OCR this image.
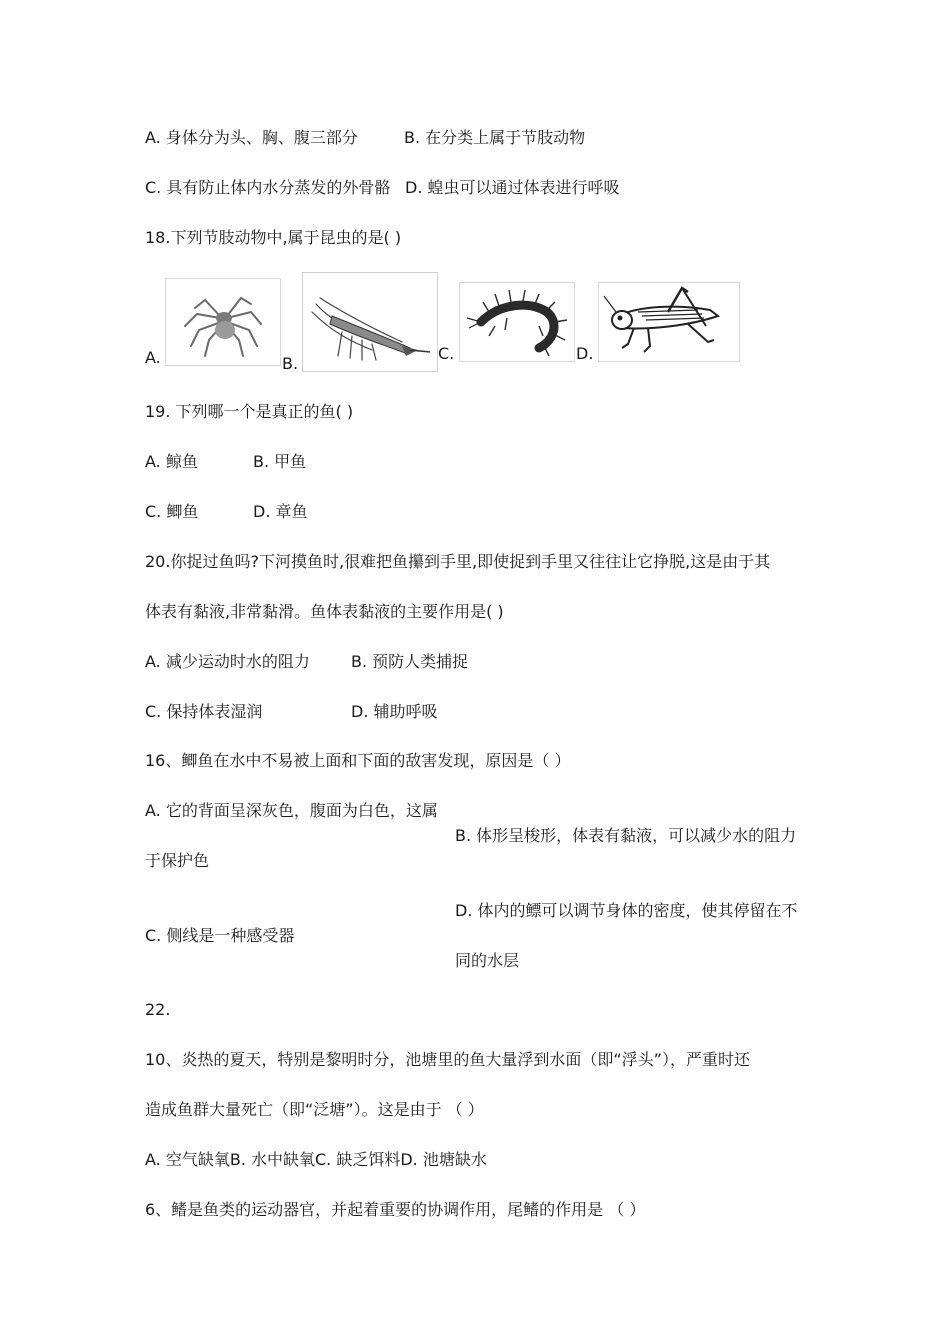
A. 身体分为头、胸、腹三部分	B. 在分类上属于节肢动物
C. 具有防止体内水分蒸发的外骨骼 D. 蝗虫可以通过体表进行呼吸
18.下列节肢动物中,属于昆虫的是( )
A.	B.
C.	D.
19. 下列哪一个是真正的鱼( )
A. 鲸鱼	B. 甲鱼
C. 鲫鱼	D. 章鱼
20.你捉过鱼吗?下河摸鱼时,很难把鱼攥到手里,即使捉到手里又往往让它挣脱,这是由于其
体表有黏液,非常黏滑。鱼体表黏液的主要作用是( )
A. 减少运动时水的阻力	B. 预防人类捕捉
C. 保持体表湿润	D. 辅助呼吸
16、鲫鱼在水中不易被上面和下面的敌害发现，原因是（ ）
A. 它的背面呈深灰色，腹面为白色，这属
于保护色
B. 体形呈梭形，体表有黏液，可以减少水的阻力
C. 侧线是一种感受器
D. 体内的鳔可以调节身体的密度，使其停留在不
同的水层
22.
10、炎热的夏天，特别是黎明时分，池塘里的鱼大量浮到水面（即“浮头”），严重时还
造成鱼群大量死亡（即“泛塘”）。这是由于 （ ）
A. 空气缺氧B. 水中缺氧C. 缺乏饵料D. 池塘缺水
6、鳍是鱼类的运动器官，并起着重要的协调作用，尾鳍的作用是 （ ）
